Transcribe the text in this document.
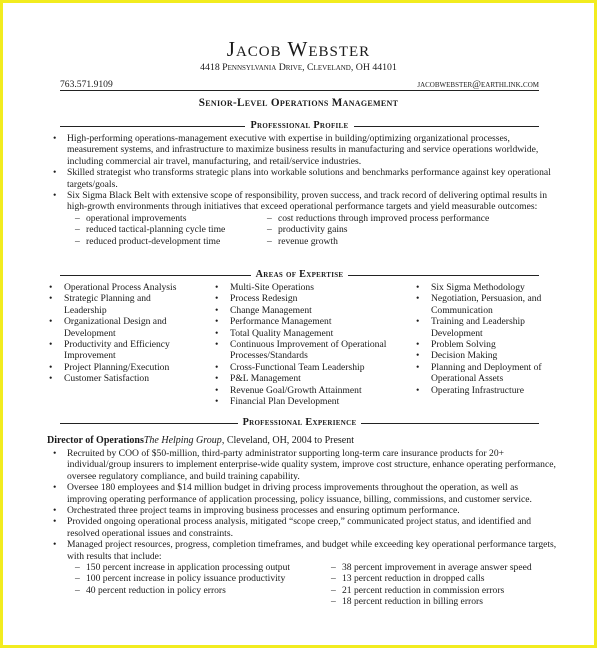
Jacob Webster
4418 Pennsylvania Drive, Cleveland, OH 44101
763.571.9109	jacobwebster@earthlink.com
Senior-Level Operations Management
Professional Profile
• High-performing operations-management executive with expertise in building/optimizing organizational processes, measurement systems, and infrastructure to maximize business results in manufacturing and service operations worldwide, including commercial air travel, manufacturing, and retail/service industries.
• Skilled strategist who transforms strategic plans into workable solutions and benchmarks performance against key operational targets/goals.
• Six Sigma Black Belt with extensive scope of responsibility, proven success, and track record of delivering optimal results in high-growth environments through initiatives that exceed operational performance targets and yield measurable outcomes:
– operational improvements
– reduced tactical-planning cycle time
– reduced product-development time
– cost reductions through improved process performance
– productivity gains
– revenue growth
Areas of Expertise
• Operational Process Analysis
• Strategic Planning and Leadership
• Organizational Design and Development
• Productivity and Efficiency Improvement
• Project Planning/Execution
• Customer Satisfaction
• Multi-Site Operations
• Process Redesign
• Change Management
• Performance Management
• Total Quality Management
• Continuous Improvement of Operational Processes/Standards
• Cross-Functional Team Leadership
• P&L Management
• Revenue Goal/Growth Attainment
• Financial Plan Development
• Six Sigma Methodology
• Negotiation, Persuasion, and Communication
• Training and Leadership Development
• Problem Solving
• Decision Making
• Planning and Deployment of Operational Assets
• Operating Infrastructure
Professional Experience
Director of OperationsThe Helping Group, Cleveland, OH, 2004 to Present
• Recruited by COO of $50-million, third-party administrator supporting long-term care insurance products for 20+ individual/group insurers to implement enterprise-wide quality system, improve cost structure, enhance operating performance, oversee regulatory compliance, and build training capability.
• Oversee 180 employees and $14 million budget in driving process improvements throughout the operation, as well as improving operating performance of application processing, policy issuance, billing, commissions, and customer service.
• Orchestrated three project teams in improving business processes and ensuring optimum performance.
• Provided ongoing operational process analysis, mitigated “scope creep,” communicated project status, and identified and resolved operational issues and constraints.
• Managed project resources, progress, completion timeframes, and budget while exceeding key operational performance targets, with results that include:
– 150 percent increase in application processing output
– 100 percent increase in policy issuance productivity
– 40 percent reduction in policy errors
– 38 percent improvement in average answer speed
– 13 percent reduction in dropped calls
– 21 percent reduction in commission errors
– 18 percent reduction in billing errors
